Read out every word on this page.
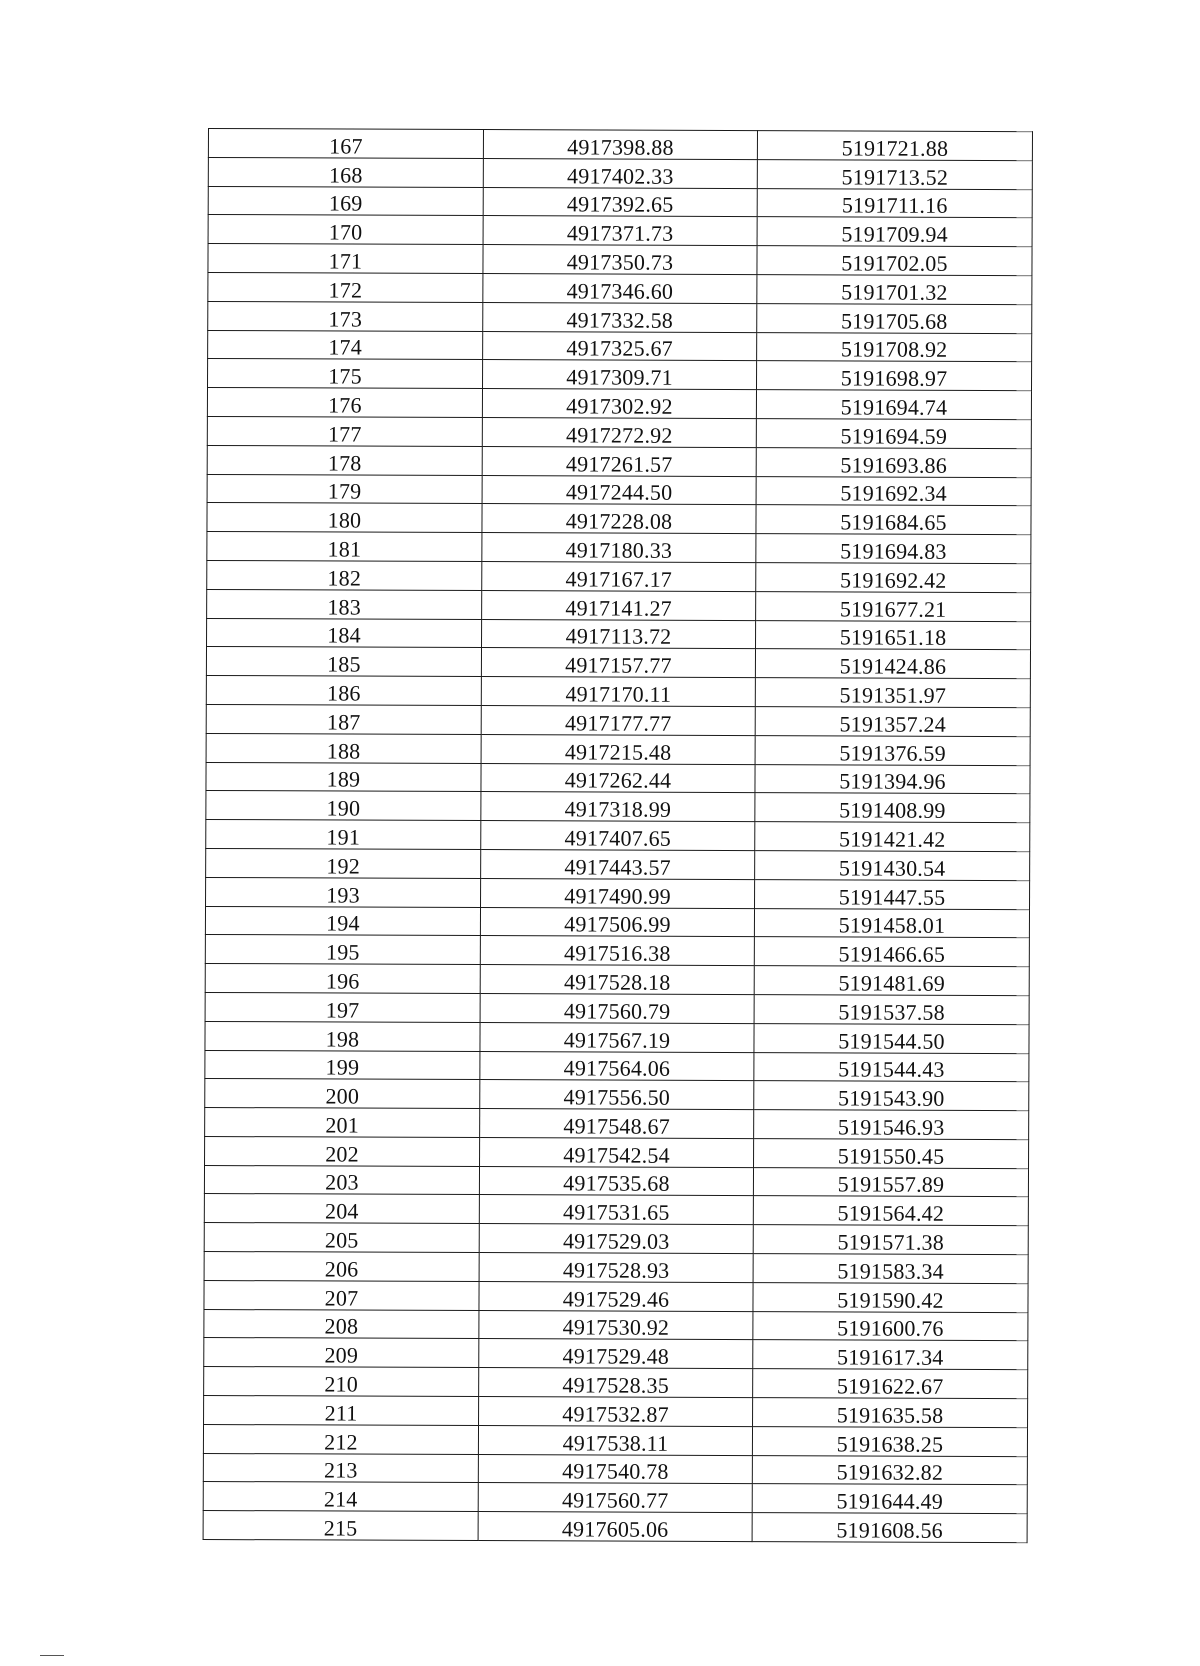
167	4917398.88	5191721.88
168	4917402.33	5191713.52
169	4917392.65	5191711.16
170	4917371.73	5191709.94
171	4917350.73	5191702.05
172	4917346.60	5191701.32
173	4917332.58	5191705.68
174	4917325.67	5191708.92
175	4917309.71	5191698.97
176	4917302.92	5191694.74
177	4917272.92	5191694.59
178	4917261.57	5191693.86
179	4917244.50	5191692.34
180	4917228.08	5191684.65
181	4917180.33	5191694.83
182	4917167.17	5191692.42
183	4917141.27	5191677.21
184	4917113.72	5191651.18
185	4917157.77	5191424.86
186	4917170.11	5191351.97
187	4917177.77	5191357.24
188	4917215.48	5191376.59
189	4917262.44	5191394.96
190	4917318.99	5191408.99
191	4917407.65	5191421.42
192	4917443.57	5191430.54
193	4917490.99	5191447.55
194	4917506.99	5191458.01
195	4917516.38	5191466.65
196	4917528.18	5191481.69
197	4917560.79	5191537.58
198	4917567.19	5191544.50
199	4917564.06	5191544.43
200	4917556.50	5191543.90
201	4917548.67	5191546.93
202	4917542.54	5191550.45
203	4917535.68	5191557.89
204	4917531.65	5191564.42
205	4917529.03	5191571.38
206	4917528.93	5191583.34
207	4917529.46	5191590.42
208	4917530.92	5191600.76
209	4917529.48	5191617.34
210	4917528.35	5191622.67
211	4917532.87	5191635.58
212	4917538.11	5191638.25
213	4917540.78	5191632.82
214	4917560.77	5191644.49
215	4917605.06	5191608.56
